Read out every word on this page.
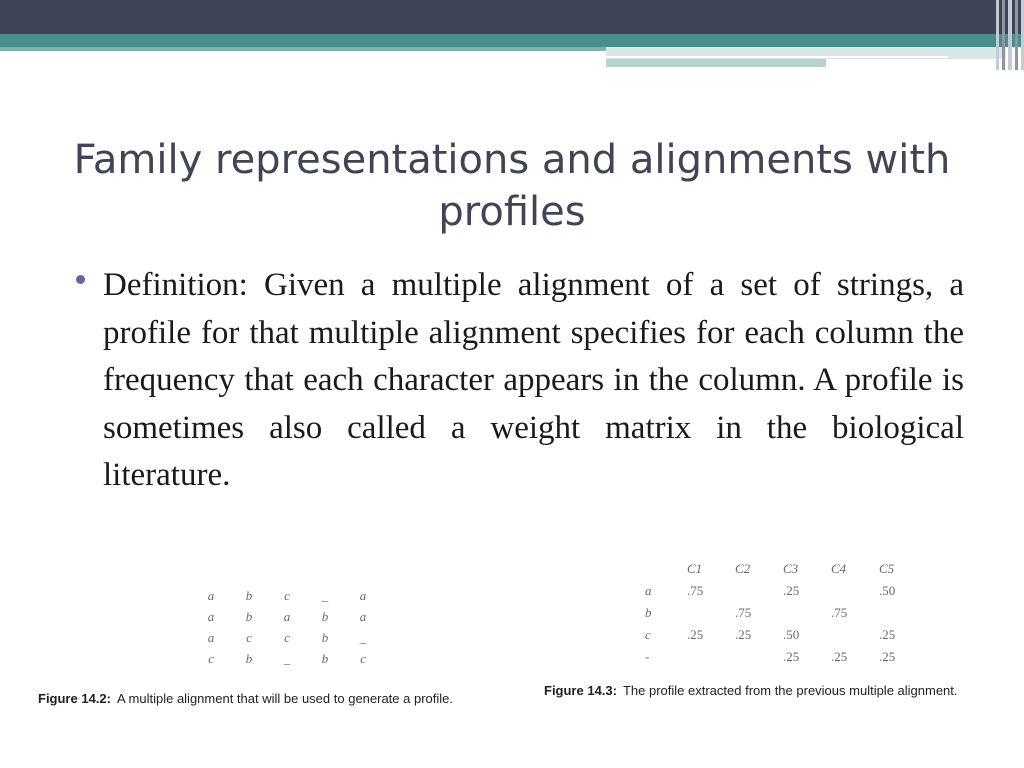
Family representations and alignments with profiles

Definition: Given a multiple alignment of a set of strings, a profile for that multiple alignment specifies for each column the frequency that each character appears in the column. A profile is sometimes also called a weight matrix in the biological literature.

a	b	c	_	a
a	b	a	b	a
a	c	c	b	_
c	b	_	b	c
	C1	C2	C3	C4	C5
a	.75		.25		.50
b		.75		.75	
c	.25	.25	.50		.25
-			.25	.25	.25
Figure 14.2: A multiple alignment that will be used to generate a profile.
Figure 14.3: The profile extracted from the previous multiple alignment.
